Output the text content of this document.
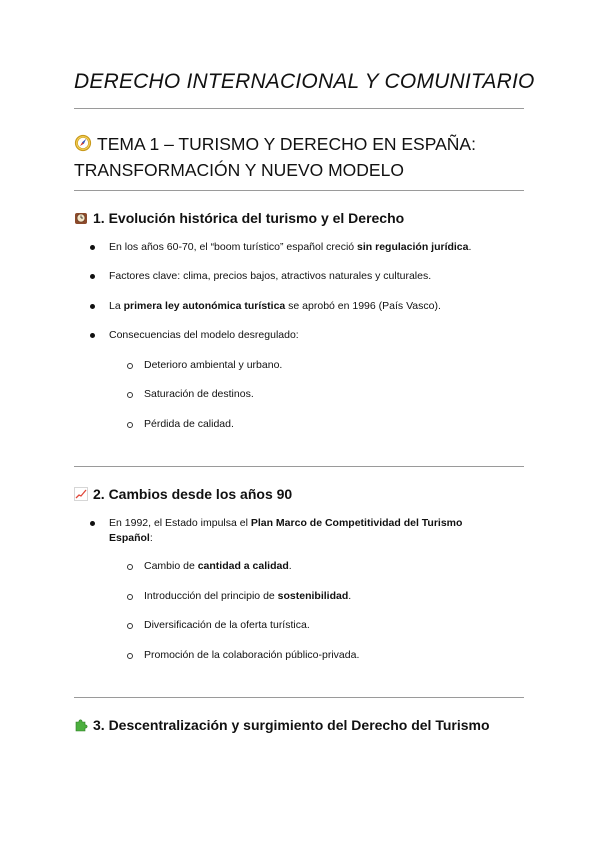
DERECHO INTERNACIONAL Y COMUNITARIO
TEMA 1 – TURISMO Y DERECHO EN ESPAÑA: TRANSFORMACIÓN Y NUEVO MODELO
1. Evolución histórica del turismo y el Derecho
En los años 60-70, el “boom turístico” español creció sin regulación jurídica.
Factores clave: clima, precios bajos, atractivos naturales y culturales.
La primera ley autonómica turística se aprobó en 1996 (País Vasco).
Consecuencias del modelo desregulado:
Deterioro ambiental y urbano.
Saturación de destinos.
Pérdida de calidad.
2. Cambios desde los años 90
En 1992, el Estado impulsa el Plan Marco de Competitividad del Turismo Español:
Cambio de cantidad a calidad.
Introducción del principio de sostenibilidad.
Diversificación de la oferta turística.
Promoción de la colaboración público-privada.
3. Descentralización y surgimiento del Derecho del Turismo
